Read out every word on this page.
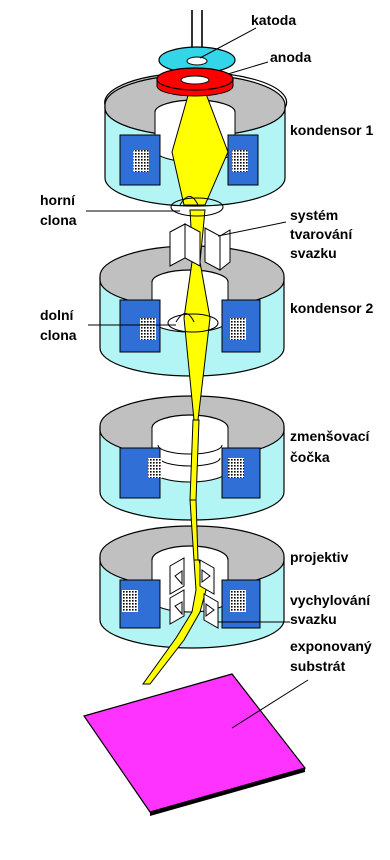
katoda
anoda
kondensor 1
horní
clona	systém
tvarování
svazku
dolní
clona
kondensor 2
zmenšovací
čočka
projektiv
vychylování
svazku
exponovaný
substrát
